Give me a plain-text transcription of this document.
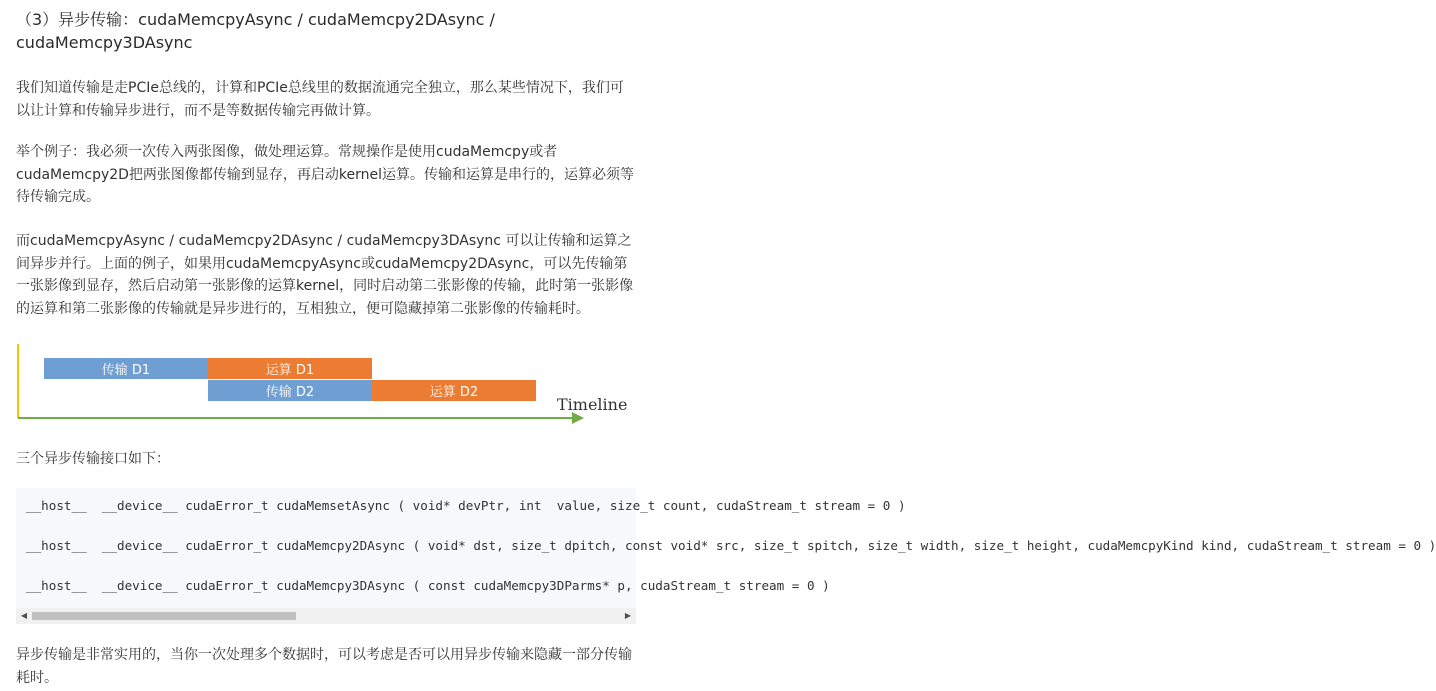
（3）异步传输：cudaMemcpyAsync / cudaMemcpy2DAsync / cudaMemcpy3DAsync

我们知道传输是走PCIe总线的，计算和PCIe总线里的数据流通完全独立，那么某些情况下，我们可以让计算和传输异步进行，而不是等数据传输完再做计算。

举个例子：我必须一次传入两张图像，做处理运算。常规操作是使用cudaMemcpy或者cudaMemcpy2D把两张图像都传输到显存，再启动kernel运算。传输和运算是串行的，运算必须等待传输完成。

而cudaMemcpyAsync / cudaMemcpy2DAsync / cudaMemcpy3DAsync 可以让传输和运算之间异步并行。上面的例子，如果用cudaMemcpyAsync或cudaMemcpy2DAsync，可以先传输第一张影像到显存，然后启动第一张影像的运算kernel，同时启动第二张影像的传输，此时第一张影像的运算和第二张影像的传输就是异步进行的，互相独立，便可隐藏掉第二张影像的传输耗时。

传输 D1	运算 D1
传输 D2	运算 D2
Timeline

三个异步传输接口如下：

__host__  __device__ cudaError_t cudaMemsetAsync ( void* devPtr, int  value, size_t count, cudaStream_t stream = 0 )
__host__  __device__ cudaError_t cudaMemcpy2DAsync ( void* dst, size_t dpitch, const void* src, size_t spitch, size_t width, size_t height, cudaMemcpyKind kind, cudaStream_t stream = 0 )
__host__  __device__ cudaError_t cudaMemcpy3DAsync ( const cudaMemcpy3DParms* p, cudaStream_t stream = 0 )
◀	▶

异步传输是非常实用的，当你一次处理多个数据时，可以考虑是否可以用异步传输来隐藏一部分传输耗时。
